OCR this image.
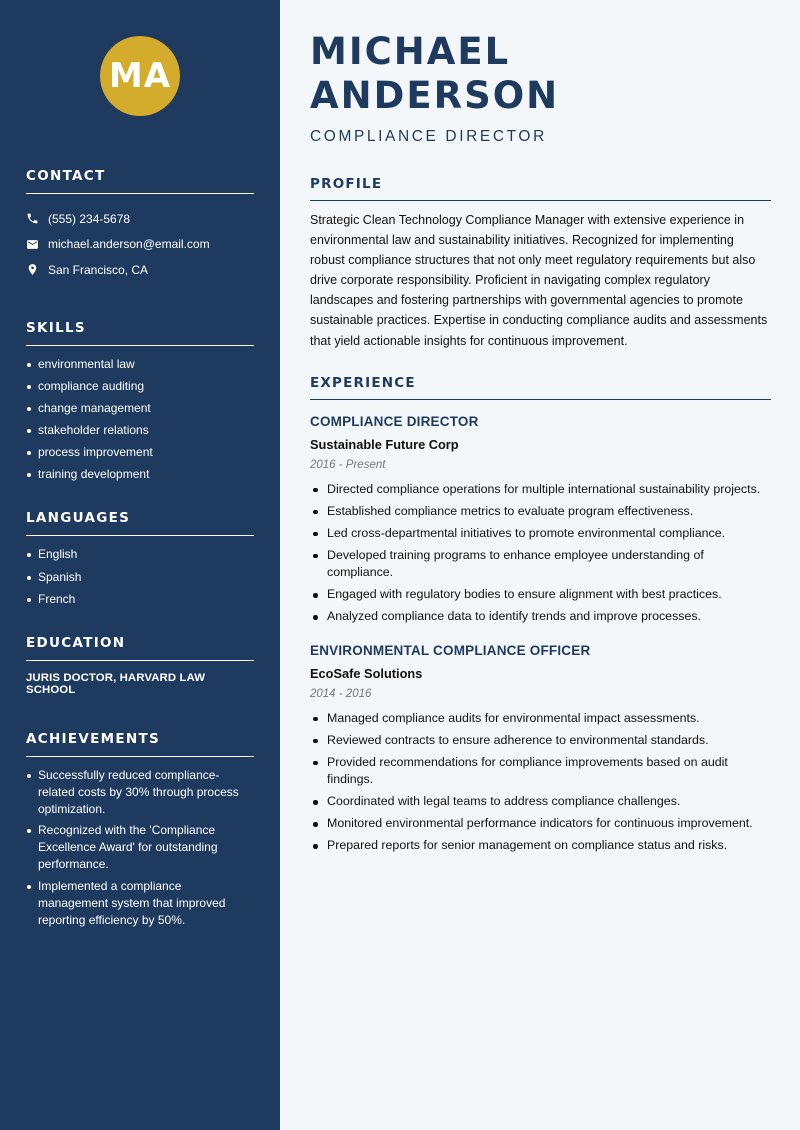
MA
CONTACT
(555) 234-5678
michael.anderson@email.com
San Francisco, CA
SKILLS
environmental law
compliance auditing
change management
stakeholder relations
process improvement
training development
LANGUAGES
English
Spanish
French
EDUCATION
JURIS DOCTOR, HARVARD LAW SCHOOL
ACHIEVEMENTS
Successfully reduced compliance-related costs by 30% through process optimization.
Recognized with the 'Compliance Excellence Award' for outstanding performance.
Implemented a compliance management system that improved reporting efficiency by 50%.
MICHAEL ANDERSON
COMPLIANCE DIRECTOR
PROFILE

Strategic Clean Technology Compliance Manager with extensive experience in environmental law and sustainability initiatives. Recognized for implementing robust compliance structures that not only meet regulatory requirements but also drive corporate responsibility. Proficient in navigating complex regulatory landscapes and fostering partnerships with governmental agencies to promote sustainable practices. Expertise in conducting compliance audits and assessments that yield actionable insights for continuous improvement.

EXPERIENCE
COMPLIANCE DIRECTOR
Sustainable Future Corp
2016 - Present
Directed compliance operations for multiple international sustainability projects.
Established compliance metrics to evaluate program effectiveness.
Led cross-departmental initiatives to promote environmental compliance.
Developed training programs to enhance employee understanding of compliance.
Engaged with regulatory bodies to ensure alignment with best practices.
Analyzed compliance data to identify trends and improve processes.
ENVIRONMENTAL COMPLIANCE OFFICER
EcoSafe Solutions
2014 - 2016
Managed compliance audits for environmental impact assessments.
Reviewed contracts to ensure adherence to environmental standards.
Provided recommendations for compliance improvements based on audit findings.
Coordinated with legal teams to address compliance challenges.
Monitored environmental performance indicators for continuous improvement.
Prepared reports for senior management on compliance status and risks.
